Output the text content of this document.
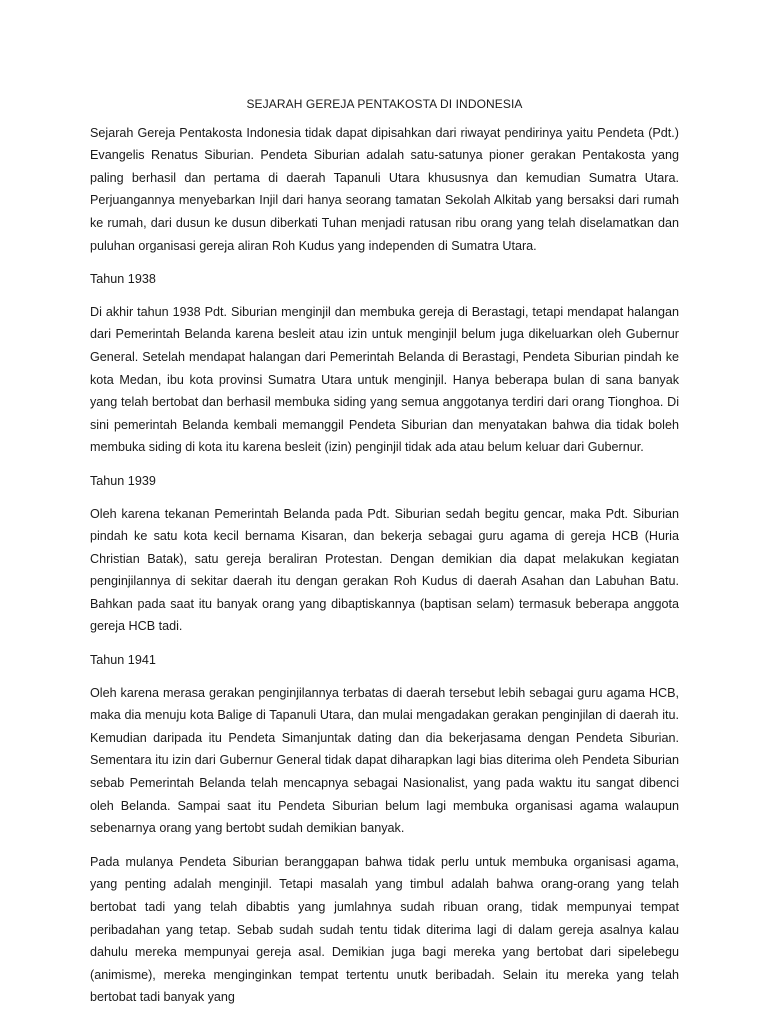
SEJARAH GEREJA PENTAKOSTA DI INDONESIA

Sejarah Gereja Pentakosta Indonesia tidak dapat dipisahkan dari riwayat pendirinya yaitu Pendeta (Pdt.) Evangelis Renatus Siburian. Pendeta Siburian adalah satu-satunya pioner gerakan Pentakosta yang paling berhasil dan pertama di daerah Tapanuli Utara khususnya dan kemudian Sumatra Utara. Perjuangannya menyebarkan Injil dari hanya seorang tamatan Sekolah Alkitab yang bersaksi dari rumah ke rumah, dari dusun ke dusun diberkati Tuhan menjadi ratusan ribu orang yang telah diselamatkan dan puluhan organisasi gereja aliran Roh Kudus yang independen di Sumatra Utara.

Tahun 1938

Di akhir tahun 1938 Pdt. Siburian menginjil dan membuka gereja di Berastagi, tetapi mendapat halangan dari Pemerintah Belanda karena besleit atau izin untuk menginjil belum juga dikeluarkan oleh Gubernur General. Setelah mendapat halangan dari Pemerintah Belanda di Berastagi, Pendeta Siburian pindah ke kota Medan, ibu kota provinsi Sumatra Utara untuk menginjil. Hanya beberapa bulan di sana banyak yang telah bertobat dan berhasil membuka siding yang semua anggotanya terdiri dari orang Tionghoa. Di sini pemerintah Belanda kembali memanggil Pendeta Siburian dan menyatakan bahwa dia tidak boleh membuka siding di kota itu karena besleit (izin) penginjil tidak ada atau belum keluar dari Gubernur.

Tahun 1939

Oleh karena tekanan Pemerintah Belanda pada Pdt. Siburian sedah begitu gencar, maka Pdt. Siburian pindah ke satu kota kecil bernama Kisaran, dan bekerja sebagai guru agama di gereja HCB (Huria Christian Batak), satu gereja beraliran Protestan. Dengan demikian dia dapat melakukan kegiatan penginjilannya di sekitar daerah itu dengan gerakan Roh Kudus di daerah Asahan dan Labuhan Batu. Bahkan pada saat itu banyak orang yang dibaptiskannya (baptisan selam) termasuk beberapa anggota gereja HCB tadi.

Tahun 1941

Oleh karena merasa gerakan penginjilannya terbatas di daerah tersebut lebih sebagai guru agama HCB, maka dia menuju kota Balige di Tapanuli Utara, dan mulai mengadakan gerakan penginjilan di daerah itu. Kemudian daripada itu Pendeta Simanjuntak dating dan dia bekerjasama dengan Pendeta Siburian. Sementara itu izin dari Gubernur General tidak dapat diharapkan lagi bias diterima oleh Pendeta Siburian sebab Pemerintah Belanda telah mencapnya sebagai Nasionalist, yang pada waktu itu sangat dibenci oleh Belanda. Sampai saat itu Pendeta Siburian belum lagi membuka organisasi agama walaupun sebenarnya orang yang bertobt sudah demikian banyak.

Pada mulanya Pendeta Siburian beranggapan bahwa tidak perlu untuk membuka organisasi agama, yang penting adalah menginjil. Tetapi masalah yang timbul adalah bahwa orang-orang yang telah bertobat tadi yang telah dibabtis yang jumlahnya sudah ribuan orang, tidak mempunyai tempat peribadahan yang tetap. Sebab sudah sudah tentu tidak diterima lagi di dalam gereja asalnya kalau dahulu mereka mempunyai gereja asal. Demikian juga bagi mereka yang bertobat dari sipelebegu (animisme), mereka menginginkan tempat tertentu unutk beribadah. Selain itu mereka yang telah bertobat tadi banyak yang
